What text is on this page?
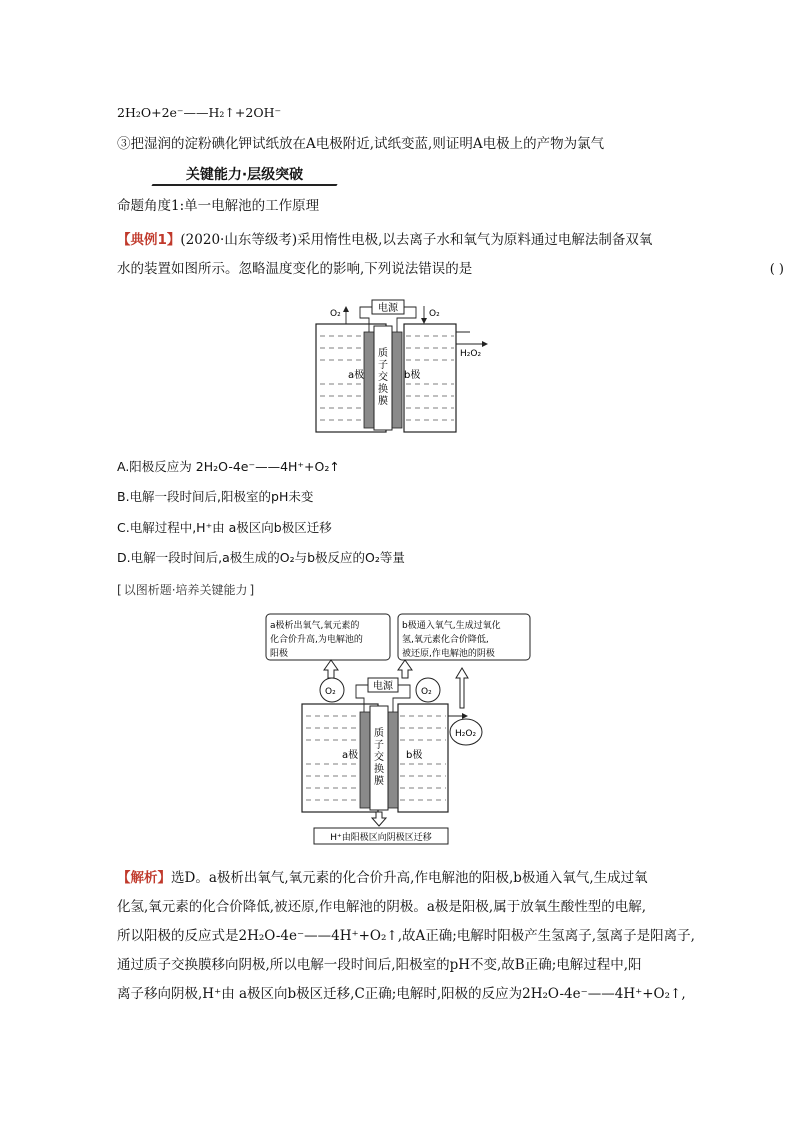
2H₂O+2e⁻——H₂↑+2OH⁻
③把湿润的淀粉碘化钾试纸放在A电极附近,试纸变蓝,则证明A电极上的产物为氯气
关键能力·层级突破
命题角度1:单一电解池的工作原理
【典例1】(2020·山东等级考)采用惰性电极,以去离子水和氧气为原料通过电解法制备双氧
水的装置如图所示。忽略温度变化的影响,下列说法错误的是	( )
电源
O₂	O₂
H₂O₂
a极	b极
质
子
交
换
膜
A.阳极反应为 2H₂O-4e⁻——4H⁺+O₂↑
B.电解一段时间后,阳极室的pH未变
C.电解过程中,H⁺由 a极区向b极区迁移
D.电解一段时间后,a极生成的O₂与b极反应的O₂等量
[ 以图析题·培养关键能力 ]
a极析出氧气,氧元素的
化合价升高,为电解池的
阳极
b极通入氧气,生成过氧化
氢,氧元素化合价降低,
被还原,作电解池的阴极
O₂	O₂
电源
质
子
交
换
膜
a极	b极
H₂O₂
H⁺由阳极区向阴极区迁移
【解析】选D。a极析出氧气,氧元素的化合价升高,作电解池的阳极,b极通入氧气,生成过氧
化氢,氧元素的化合价降低,被还原,作电解池的阴极。a极是阳极,属于放氧生酸性型的电解,
所以阳极的反应式是2H₂O-4e⁻——4H⁺+O₂↑,故A正确;电解时阳极产生氢离子,氢离子是阳离子,
通过质子交换膜移向阴极,所以电解一段时间后,阳极室的pH不变,故B正确;电解过程中,阳
离子移向阴极,H⁺由 a极区向b极区迁移,C正确;电解时,阳极的反应为2H₂O-4e⁻——4H⁺+O₂↑,
